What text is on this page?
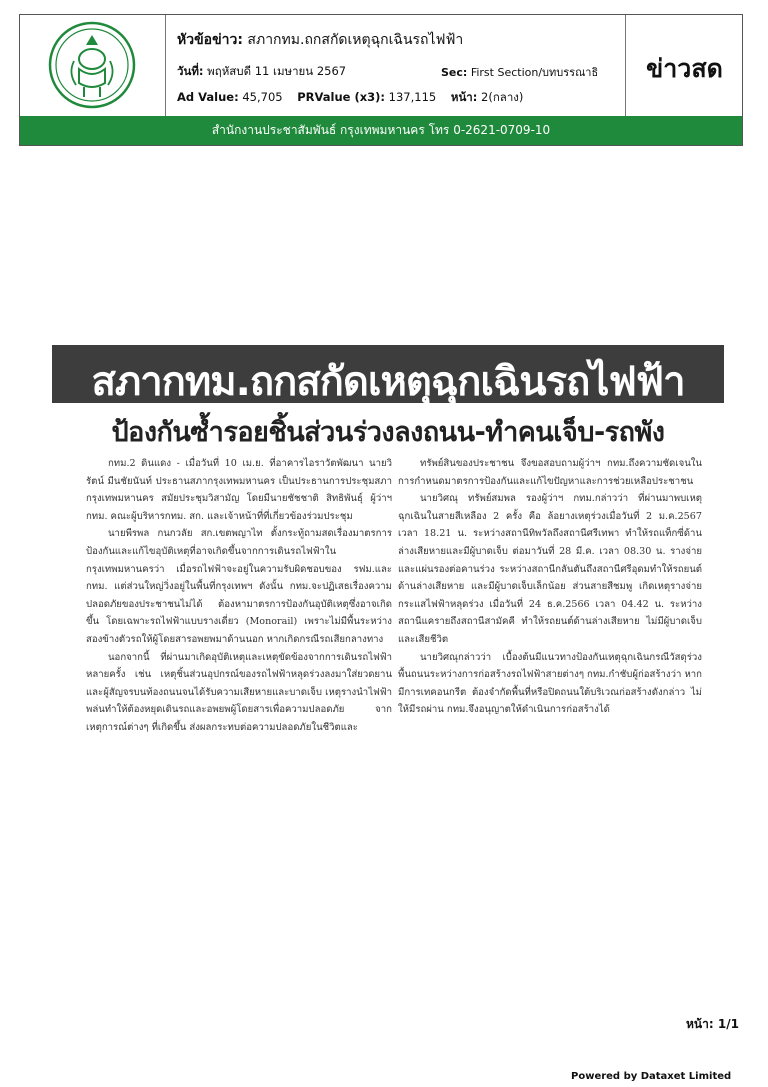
หัวข้อข่าว: สภากทม.ถกสกัดเหตุฉุกเฉินรถไฟฟ้า
วันที่: พฤหัสบดี 11 เมษายน 2567	Sec: First Section/บทบรรณาธิ
Ad Value: 45,705 PRValue (x3): 137,115 หน้า: 2(กลาง)
ข่าวสด
สำนักงานประชาสัมพันธ์ กรุงเทพมหานคร โทร 0-2621-0709-10
สภากทม.ถกสกัดเหตุฉุกเฉินรถไฟฟ้า
ป้องกันซ้ำรอยชิ้นส่วนร่วงลงถนน-ทำคนเจ็บ-รถพัง

กทม.2 ดินแดง - เมื่อวันที่ 10 เม.ย. ที่อาคารไอราวัตพัฒนา นายวิรัตน์ มีนชัยนันท์ ประธานสภากรุงเทพมหานคร เป็นประธานการประชุมสภากรุงเทพมหานคร สมัยประชุมวิสามัญ โดยมีนายชัชชาติ สิทธิพันธุ์ ผู้ว่าฯ กทม. คณะผู้บริหารกทม. สก. และเจ้าหน้าที่ที่เกี่ยวข้องร่วมประชุม

นายพีรพล กนกวลัย สก.เขตพญาไท ตั้งกระทู้ถามสดเรื่องมาตรการป้องกันและแก้ไขอุบัติเหตุที่อาจเกิดขึ้นจากการเดินรถไฟฟ้าในกรุงเทพมหานครว่า เมื่อรถไฟฟ้าจะอยู่ในความรับผิดชอบของ รฟม.และ กทม. แต่ส่วนใหญ่วิ่งอยู่ในพื้นที่กรุงเทพฯ ดังนั้น กทม.จะปฏิเสธเรื่องความปลอดภัยของประชาชนไม่ได้ ต้องหามาตรการป้องกันอุบัติเหตุซึ่งอาจเกิดขึ้น โดยเฉพาะรถไฟฟ้าแบบรางเดี่ยว (Monorail) เพราะไม่มีพื้นระหว่างสองข้างตัวรถให้ผู้โดยสารอพยพมาด้านนอก หากเกิดกรณีรถเสียกลางทาง

นอกจากนี้ ที่ผ่านมาเกิดอุบัติเหตุและเหตุขัดข้องจากการเดินรถไฟฟ้าหลายครั้ง เช่น เหตุชิ้นส่วนอุปกรณ์ของรถไฟฟ้าหลุดร่วงลงมาใส่ยวดยานและผู้สัญจรบนท้องถนนจนได้รับความเสียหายและบาดเจ็บ เหตุรางนำไฟฟ้าพล่นทำให้ต้องหยุดเดินรถและอพยพผู้โดยสารเพื่อความปลอดภัย จากเหตุการณ์ต่างๆ ที่เกิดขึ้น ส่งผลกระทบต่อความปลอดภัยในชีวิตและ

ทรัพย์สินของประชาชน จึงขอสอบถามผู้ว่าฯ กทม.ถึงความชัดเจนในการกำหนดมาตรการป้องกันและแก้ไขปัญหาและการช่วยเหลือประชาชน

นายวิศณุ ทรัพย์สมพล รองผู้ว่าฯ กทม.กล่าวว่า ที่ผ่านมาพบเหตุฉุกเฉินในสายสีเหลือง 2 ครั้ง คือ ล้อยางเหตุร่วงเมื่อวันที่ 2 ม.ค.2567 เวลา 18.21 น. ระหว่างสถานีทิพวัลถึงสถานีศรีเทพา ทำให้รถแท็กซี่ด้านล่างเสียหายและมีผู้บาดเจ็บ ต่อมาวันที่ 28 มี.ค. เวลา 08.30 น. รางจ่ายและแผ่นรองต่อคานร่วง ระหว่างสถานีกลันตันถึงสถานีศรีอุดมทำให้รถยนต์ด้านล่างเสียหาย และมีผู้บาดเจ็บเล็กน้อย ส่วนสายสีชมพู เกิดเหตุรางจ่ายกระแสไฟฟ้าหลุดร่วง เมื่อวันที่ 24 ธ.ค.2566 เวลา 04.42 น. ระหว่างสถานีแครายถึงสถานีสามัคคี ทำให้รถยนต์ด้านล่างเสียหาย ไม่มีผู้บาดเจ็บและเสียชีวิต

นายวิศณุกล่าวว่า เบื้องต้นมีแนวทางป้องกันเหตุฉุกเฉินกรณีวัสดุร่วงพื้นถนนระหว่างการก่อสร้างรถไฟฟ้าสายต่างๆ กทม.กำชับผู้ก่อสร้างว่า หากมีการเทคอนกรีต ต้องจำกัดพื้นที่หรือปิดถนนใต้บริเวณก่อสร้างดังกล่าว ไม่ให้มีรถผ่าน กทม.จึงอนุญาตให้ดำเนินการก่อสร้างได้

หน้า: 1/1
Powered by Dataxet Limited
